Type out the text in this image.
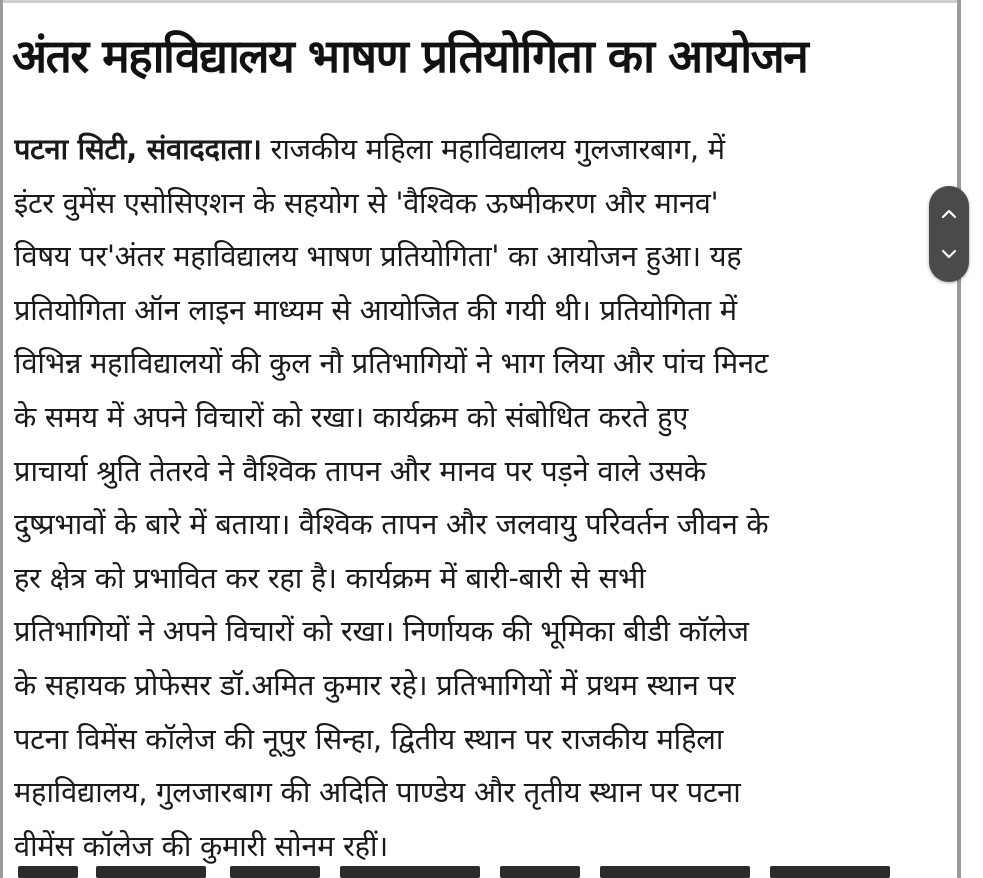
अंतर महाविद्यालय भाषण प्रतियोगिता का आयोजन
पटना सिटी, संवाददाता। राजकीय महिला महाविद्यालय गुलजारबाग, में
इंटर वुमेंस एसोसिएशन के सहयोग से 'वैश्विक ऊष्मीकरण और मानव'
विषय पर'अंतर महाविद्यालय भाषण प्रतियोगिता' का आयोजन हुआ। यह
प्रतियोगिता ऑन लाइन माध्यम से आयोजित की गयी थी। प्रतियोगिता में
विभिन्न महाविद्यालयों की कुल नौ प्रतिभागियों ने भाग लिया और पांच मिनट
के समय में अपने विचारों को रखा। कार्यक्रम को संबोधित करते हुए
प्राचार्या श्रुति तेतरवे ने वैश्विक तापन और मानव पर पड़ने वाले उसके
दुष्प्रभावों के बारे में बताया। वैश्विक तापन और जलवायु परिवर्तन जीवन के
हर क्षेत्र को प्रभावित कर रहा है। कार्यक्रम में बारी-बारी से सभी
प्रतिभागियों ने अपने विचारों को रखा। निर्णायक की भूमिका बीडी कॉलेज
के सहायक प्रोफेसर डॉ.अमित कुमार रहे। प्रतिभागियों में प्रथम स्थान पर
पटना विमेंस कॉलेज की नूपुर सिन्हा, द्वितीय स्थान पर राजकीय महिला
महाविद्यालय, गुलजारबाग की अदिति पाण्डेय और तृतीय स्थान पर पटना
वीमेंस कॉलेज की कुमारी सोनम रहीं।
